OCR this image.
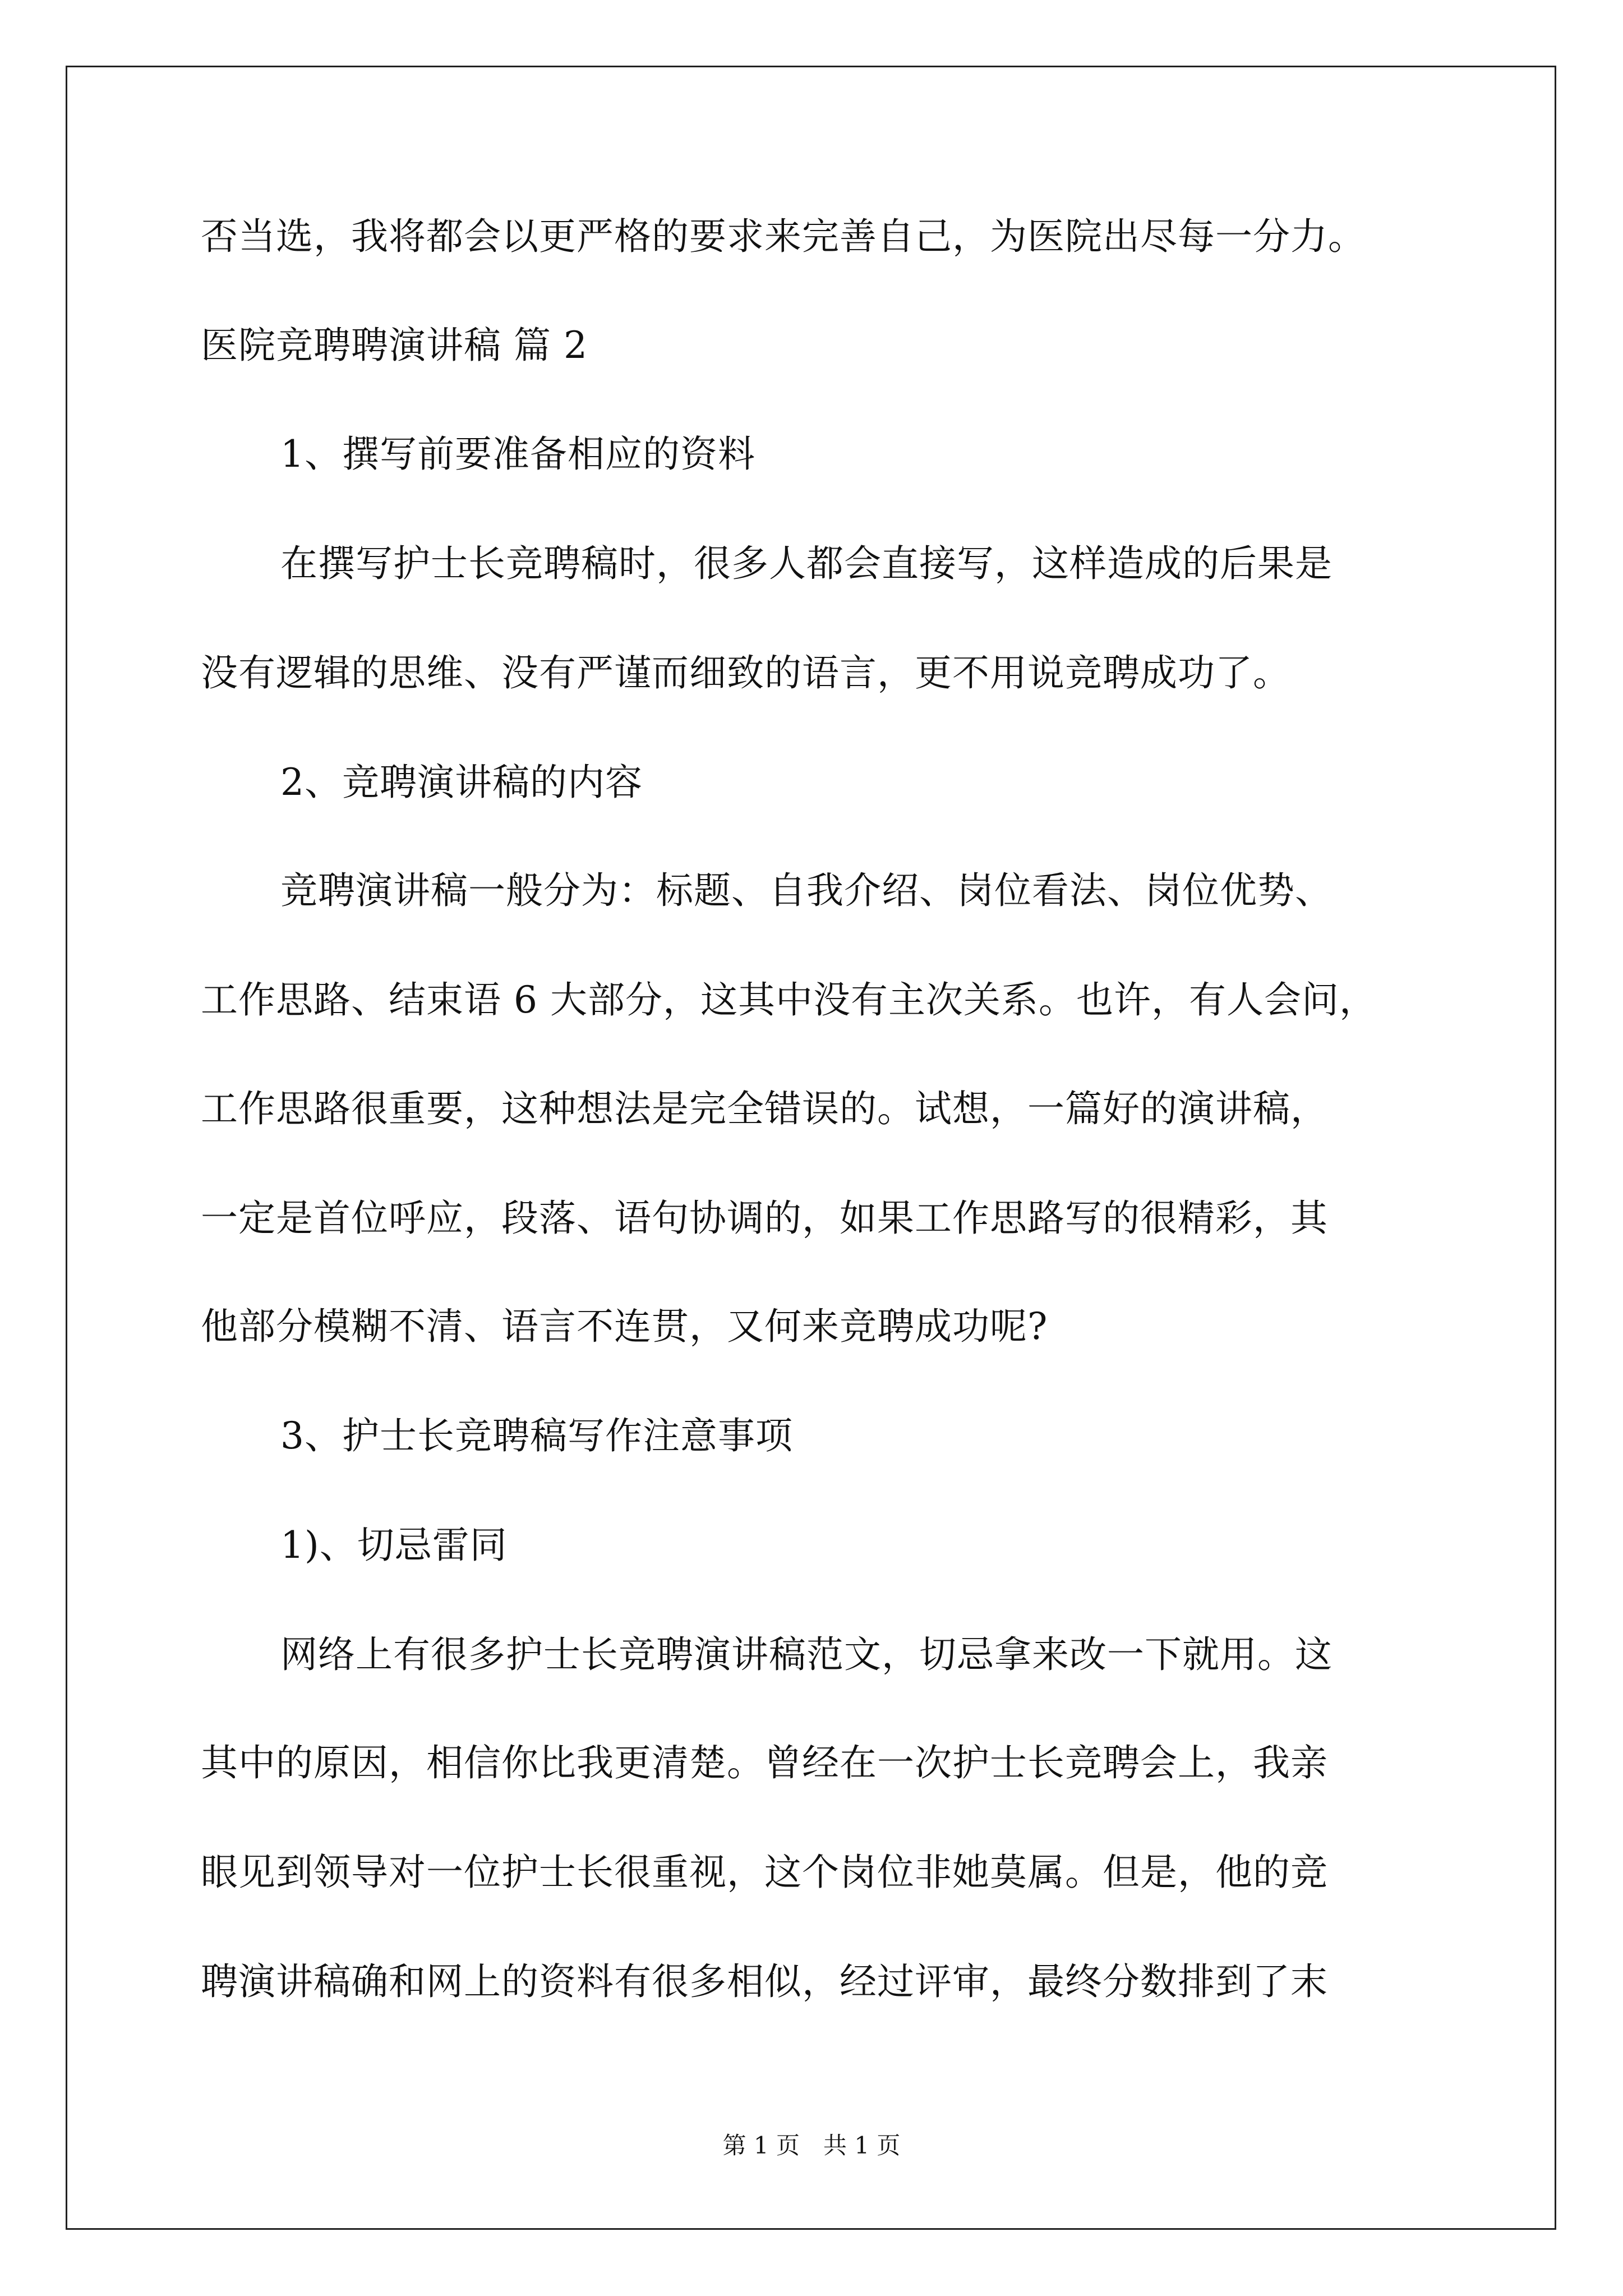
否当选，我将都会以更严格的要求来完善自己，为医院出尽每一分力。

医院竞聘聘演讲稿 篇 2

1、撰写前要准备相应的资料

在撰写护士长竞聘稿时，很多人都会直接写，这样造成的后果是

没有逻辑的思维、没有严谨而细致的语言，更不用说竞聘成功了。

2、竞聘演讲稿的内容

竞聘演讲稿一般分为：标题、自我介绍、岗位看法、岗位优势、

工作思路、结束语 6 大部分，这其中没有主次关系。也许，有人会问，

工作思路很重要，这种想法是完全错误的。试想，一篇好的演讲稿，

一定是首位呼应，段落、语句协调的，如果工作思路写的很精彩，其

他部分模糊不清、语言不连贯，又何来竞聘成功呢?

3、护士长竞聘稿写作注意事项

1)、切忌雷同

网络上有很多护士长竞聘演讲稿范文，切忌拿来改一下就用。这

其中的原因，相信你比我更清楚。曾经在一次护士长竞聘会上，我亲

眼见到领导对一位护士长很重视，这个岗位非她莫属。但是，他的竞

聘演讲稿确和网上的资料有很多相似，经过评审，最终分数排到了末

第 1 页　共 1 页
